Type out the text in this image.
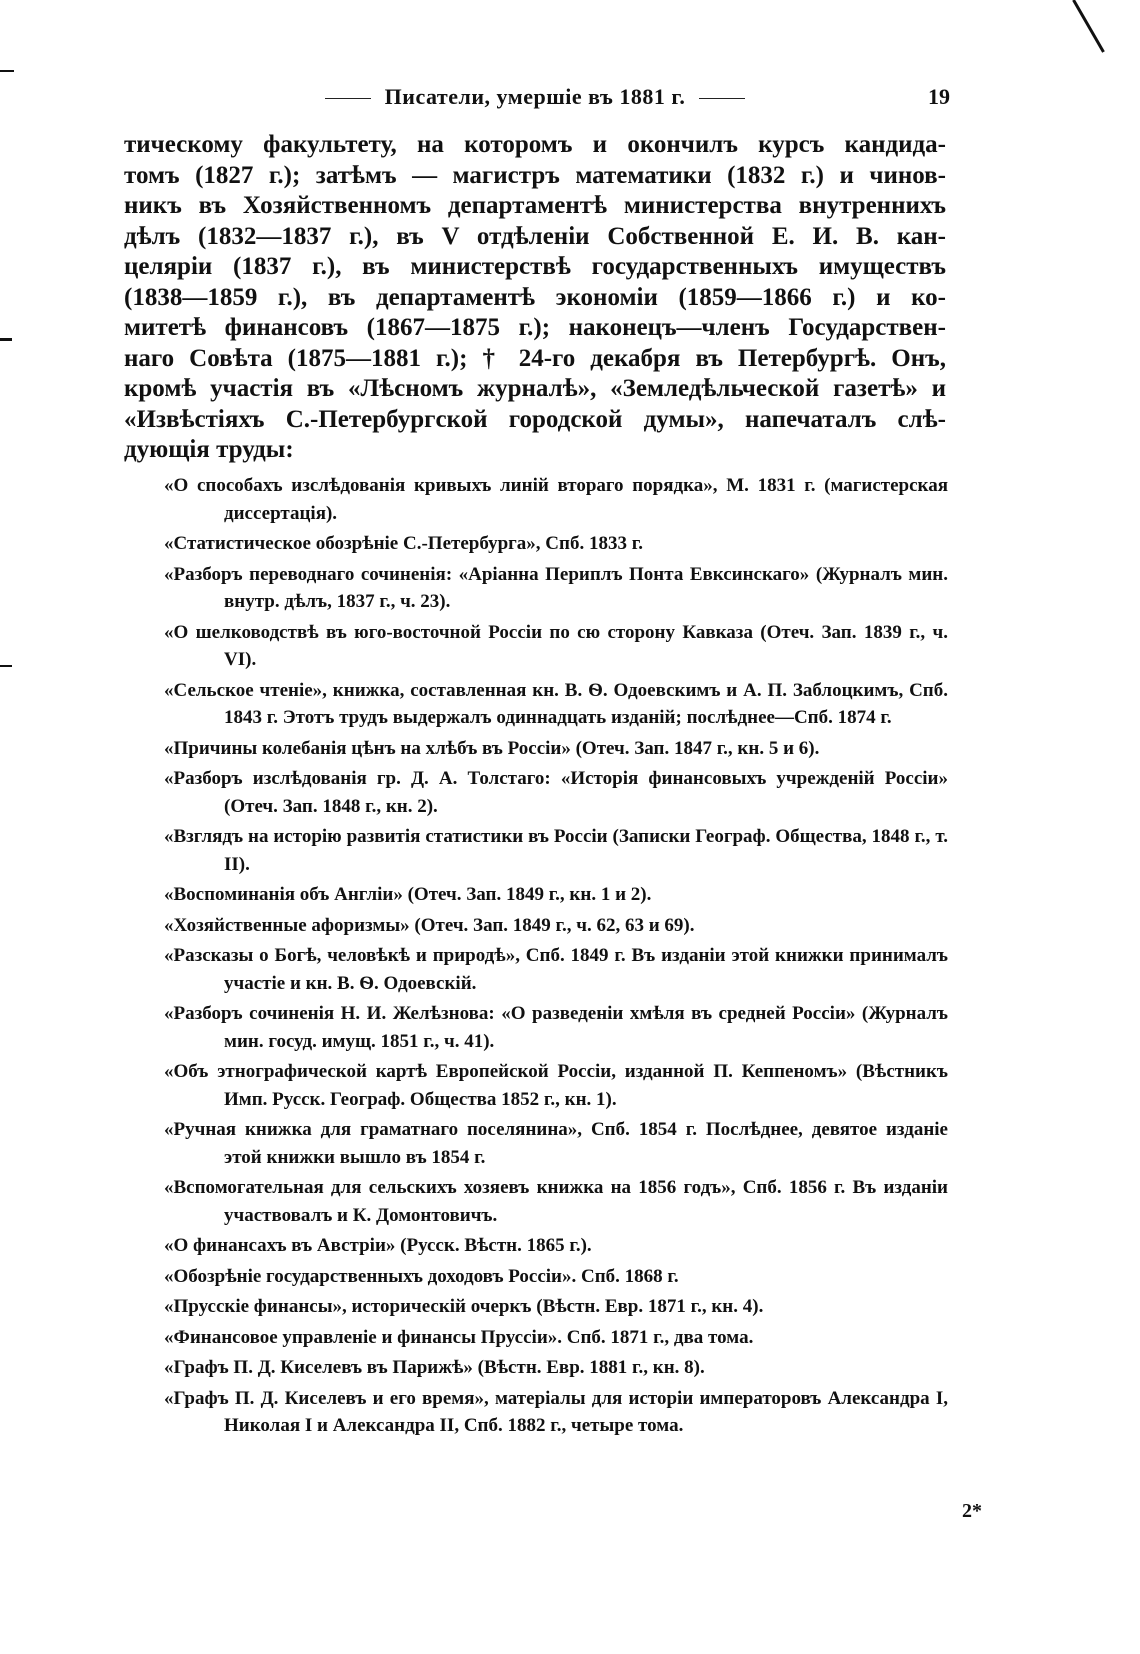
Писатели, умершіе въ 1881 г.	19
тическому факультету, на которомъ и окончилъ курсъ кандида-
томъ (1827 г.); затѣмъ — магистръ математики (1832 г.) и чинов-
никъ въ Хозяйственномъ департаментѣ министерства внутреннихъ
дѣлъ (1832—1837 г.), въ V отдѣленіи Собственной Е. И. В. кан-
целяріи (1837 г.), въ министерствѣ государственныхъ имуществъ
(1838—1859 г.), въ департаментѣ экономіи (1859—1866 г.) и ко-
митетѣ финансовъ (1867—1875 г.); наконецъ—членъ Государствен-
наго Совѣта (1875—1881 г.); † 24-го декабря въ Петербургѣ. Онъ,
кромѣ участія въ «Лѣсномъ журналѣ», «Земледѣльческой газетѣ» и
«Извѣстіяхъ С.-Петербургской городской думы», напечаталъ слѣ-
дующія труды:
«О способахъ изслѣдованія кривыхъ линій втораго порядка», М. 1831 г. (магистерская диссертація).
«Статистическое обозрѣніе С.-Петербурга», Спб. 1833 г.
«Разборъ переводнаго сочиненія: «Аріанна Периплъ Понта Евксинскаго» (Журналъ мин. внутр. дѣлъ, 1837 г., ч. 23).
«О шелководствѣ въ юго-восточной Россіи по сю сторону Кавказа (Отеч. Зап. 1839 г., ч. VI).
«Сельское чтеніе», книжка, составленная кн. В. Ѳ. Одоевскимъ и А. П. Заблоцкимъ, Спб. 1843 г. Этотъ трудъ выдержалъ одиннадцать изданій; послѣднее—Спб. 1874 г.
«Причины колебанія цѣнъ на хлѣбъ въ Россіи» (Отеч. Зап. 1847 г., кн. 5 и 6).
«Разборъ изслѣдованія гр. Д. А. Толстаго: «Исторія финансовыхъ учрежденій Россіи» (Отеч. Зап. 1848 г., кн. 2).
«Взглядъ на исторію развитія статистики въ Россіи (Записки Географ. Общества, 1848 г., т. II).
«Воспоминанія объ Англіи» (Отеч. Зап. 1849 г., кн. 1 и 2).
«Хозяйственные афоризмы» (Отеч. Зап. 1849 г., ч. 62, 63 и 69).
«Разсказы о Богѣ, человѣкѣ и природѣ», Спб. 1849 г. Въ изданіи этой книжки принималъ участіе и кн. В. Ѳ. Одоевскій.
«Разборъ сочиненія Н. И. Желѣзнова: «О разведеніи хмѣля въ средней Россіи» (Журналъ мин. госуд. имущ. 1851 г., ч. 41).
«Объ этнографической картѣ Европейской Россіи, изданной П. Кеппеномъ» (Вѣстникъ Имп. Русск. Географ. Общества 1852 г., кн. 1).
«Ручная книжка для граматнаго поселянина», Спб. 1854 г. Послѣднее, девятое изданіе этой книжки вышло въ 1854 г.
«Вспомогательная для сельскихъ хозяевъ книжка на 1856 годъ», Спб. 1856 г. Въ изданіи участвовалъ и К. Домонтовичъ.
«О финансахъ въ Австріи» (Русск. Вѣстн. 1865 г.).
«Обозрѣніе государственныхъ доходовъ Россіи». Спб. 1868 г.
«Прусскіе финансы», историческій очеркъ (Вѣстн. Евр. 1871 г., кн. 4).
«Финансовое управленіе и финансы Пруссіи». Спб. 1871 г., два тома.
«Графъ П. Д. Киселевъ въ Парижѣ» (Вѣстн. Евр. 1881 г., кн. 8).
«Графъ П. Д. Киселевъ и его время», матеріалы для исторіи императоровъ Александра I, Николая I и Александра II, Спб. 1882 г., четыре тома.
2*
